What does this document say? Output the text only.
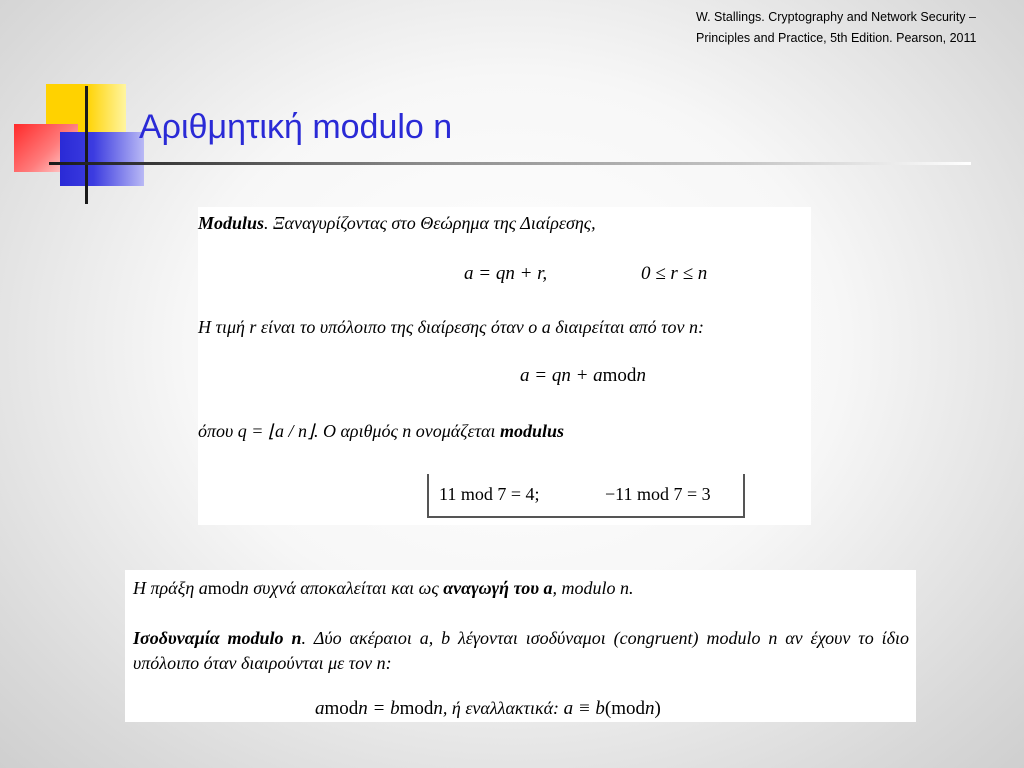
W. Stallings. Cryptography and Network Security –
Principles and Practice, 5th Edition. Pearson, 2011
Αριθμητική modulo n
Modulus. Ξαναγυρίζοντας στο Θεώρημα της Διαίρεσης,
a = qn + r,	0 ≤ r ≤ n
Η τιμή r είναι το υπόλοιπο της διαίρεσης όταν ο a διαιρείται από τον n:
a = qn + amodn
όπου q = ⌊a / n⌋. Ο αριθμός n ονομάζεται modulus
11 mod 7 = 4;	−11 mod 7 = 3
Η πράξη amodn συχνά αποκαλείται και ως αναγωγή του a, modulo n.
Ισοδυναμία modulo n. Δύο ακέραιοι a, b λέγονται ισοδύναμοι (congruent) modulo n αν έχουν το ίδιο υπόλοιπο όταν διαιρούνται με τον n:
amodn = bmodn, ή εναλλακτικά: a ≡ b(modn)
